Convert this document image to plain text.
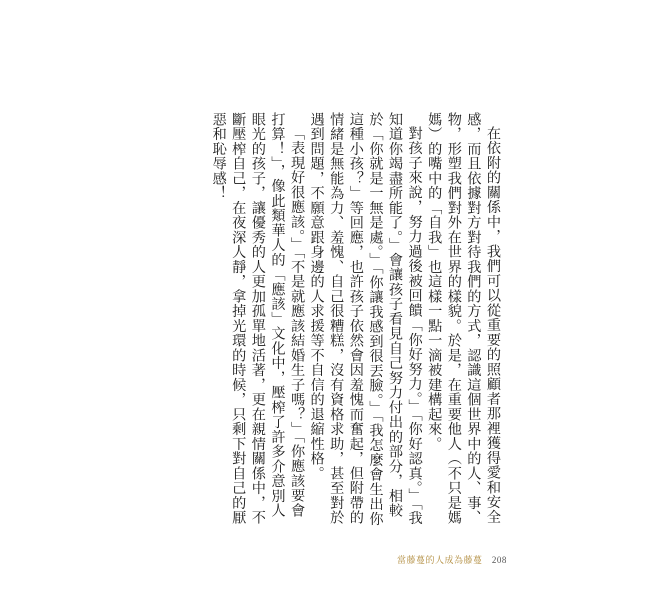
在依附的關係中，我們可以從重要的照顧者那裡獲得愛和安全感，而且依據對方對待我們的方式，認識這個世界中的人、事、物，形塑我們對外在世界的樣貌。於是，在重要他人（不只是媽媽）的嘴中的「自我」也這樣一點一滴被建構起來。

對孩子來說，努力過後被回饋「你好努力。」「你好認真。」「我知道你竭盡所能了。」會讓孩子看見自己努力付出的部分，相較於「你就是一無是處。」「你讓我感到很丟臉。」「我怎麼會生出你這種小孩？」等回應，也許孩子依然會因羞愧而奮起，但附帶的情緒是無能為力、羞愧、自己很糟糕，沒有資格求助，甚至對於遇到問題，不願意跟身邊的人求援等不自信的退縮性格。

「表現好很應該。」「不是就應該結婚生子嗎？」「你應該要會打算！」，像此類華人的「應該」文化中，壓榨了許多介意別人眼光的孩子，讓優秀的人更加孤單地活著，更在親情關係中，不斷壓榨自己，在夜深人靜，拿掉光環的時候，只剩下對自己的厭惡和恥辱感！

當藤蔓的人成為藤蔓 208
